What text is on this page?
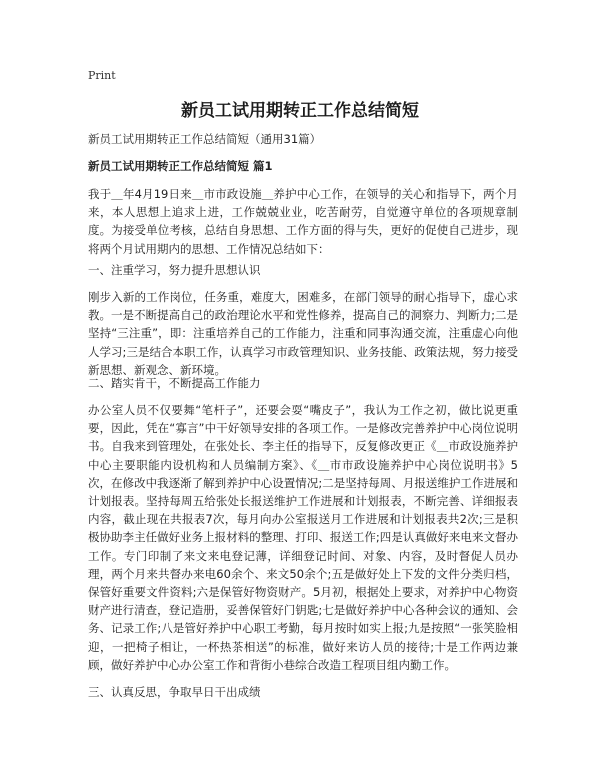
Print
新员工试用期转正工作总结简短

新员工试用期转正工作总结简短（通用31篇）

新员工试用期转正工作总结简短 篇1

我于＿年4月19日来＿市市政设施＿养护中心工作，在领导的关心和指导下，两个月来，本人思想上追求上进，工作兢兢业业，吃苦耐劳，自觉遵守单位的各项规章制度。为接受单位考核，总结自身思想、工作方面的得与失，更好的促使自己进步，现将两个月试用期内的思想、工作情况总结如下：

一、注重学习，努力提升思想认识

刚步入新的工作岗位，任务重，难度大，困难多，在部门领导的耐心指导下，虚心求教。一是不断提高自己的政治理论水平和党性修养，提高自己的洞察力、判断力;二是坚持“三注重”，即：注重培养自己的工作能力，注重和同事沟通交流，注重虚心向他人学习;三是结合本职工作，认真学习市政管理知识、业务技能、政策法规，努力接受新思想、新观念、新环境。

二、踏实肯干，不断提高工作能力

办公室人员不仅要舞“笔杆子”，还要会耍“嘴皮子”，我认为工作之初，做比说更重要，因此，凭在“寡言”中干好领导安排的各项工作。一是修改完善养护中心岗位说明书。自我来到管理处，在张处长、李主任的指导下，反复修改更正《＿市政设施养护中心主要职能内设机构和人员编制方案》、《＿市市政设施养护中心岗位说明书》5次，在修改中我逐渐了解到养护中心设置情况;二是坚持每周、月报送维护工作进展和计划报表。坚持每周五给张处长报送维护工作进展和计划报表，不断完善、详细报表内容，截止现在共报表7次，每月向办公室报送月工作进展和计划报表共2次;三是积极协助李主任做好业务上报材料的整理、打印、报送工作;四是认真做好来电来文督办工作。专门印制了来文来电登记薄，详细登记时间、对象、内容，及时督促人员办理，两个月来共督办来电60余个、来文50余个;五是做好处上下发的文件分类归档，保管好重要文件资料;六是保管好物资财产。5月初，根据处上要求，对养护中心物资财产进行清查，登记造册，妥善保管好门钥匙;七是做好养护中心各种会议的通知、会务、记录工作;八是管好养护中心职工考勤，每月按时如实上报;九是按照“一张笑脸相迎，一把椅子相让，一杯热茶相送”的标准，做好来访人员的接待;十是工作两边兼顾，做好养护中心办公室工作和背街小巷综合改造工程项目组内勤工作。

三、认真反思，争取早日干出成绩
